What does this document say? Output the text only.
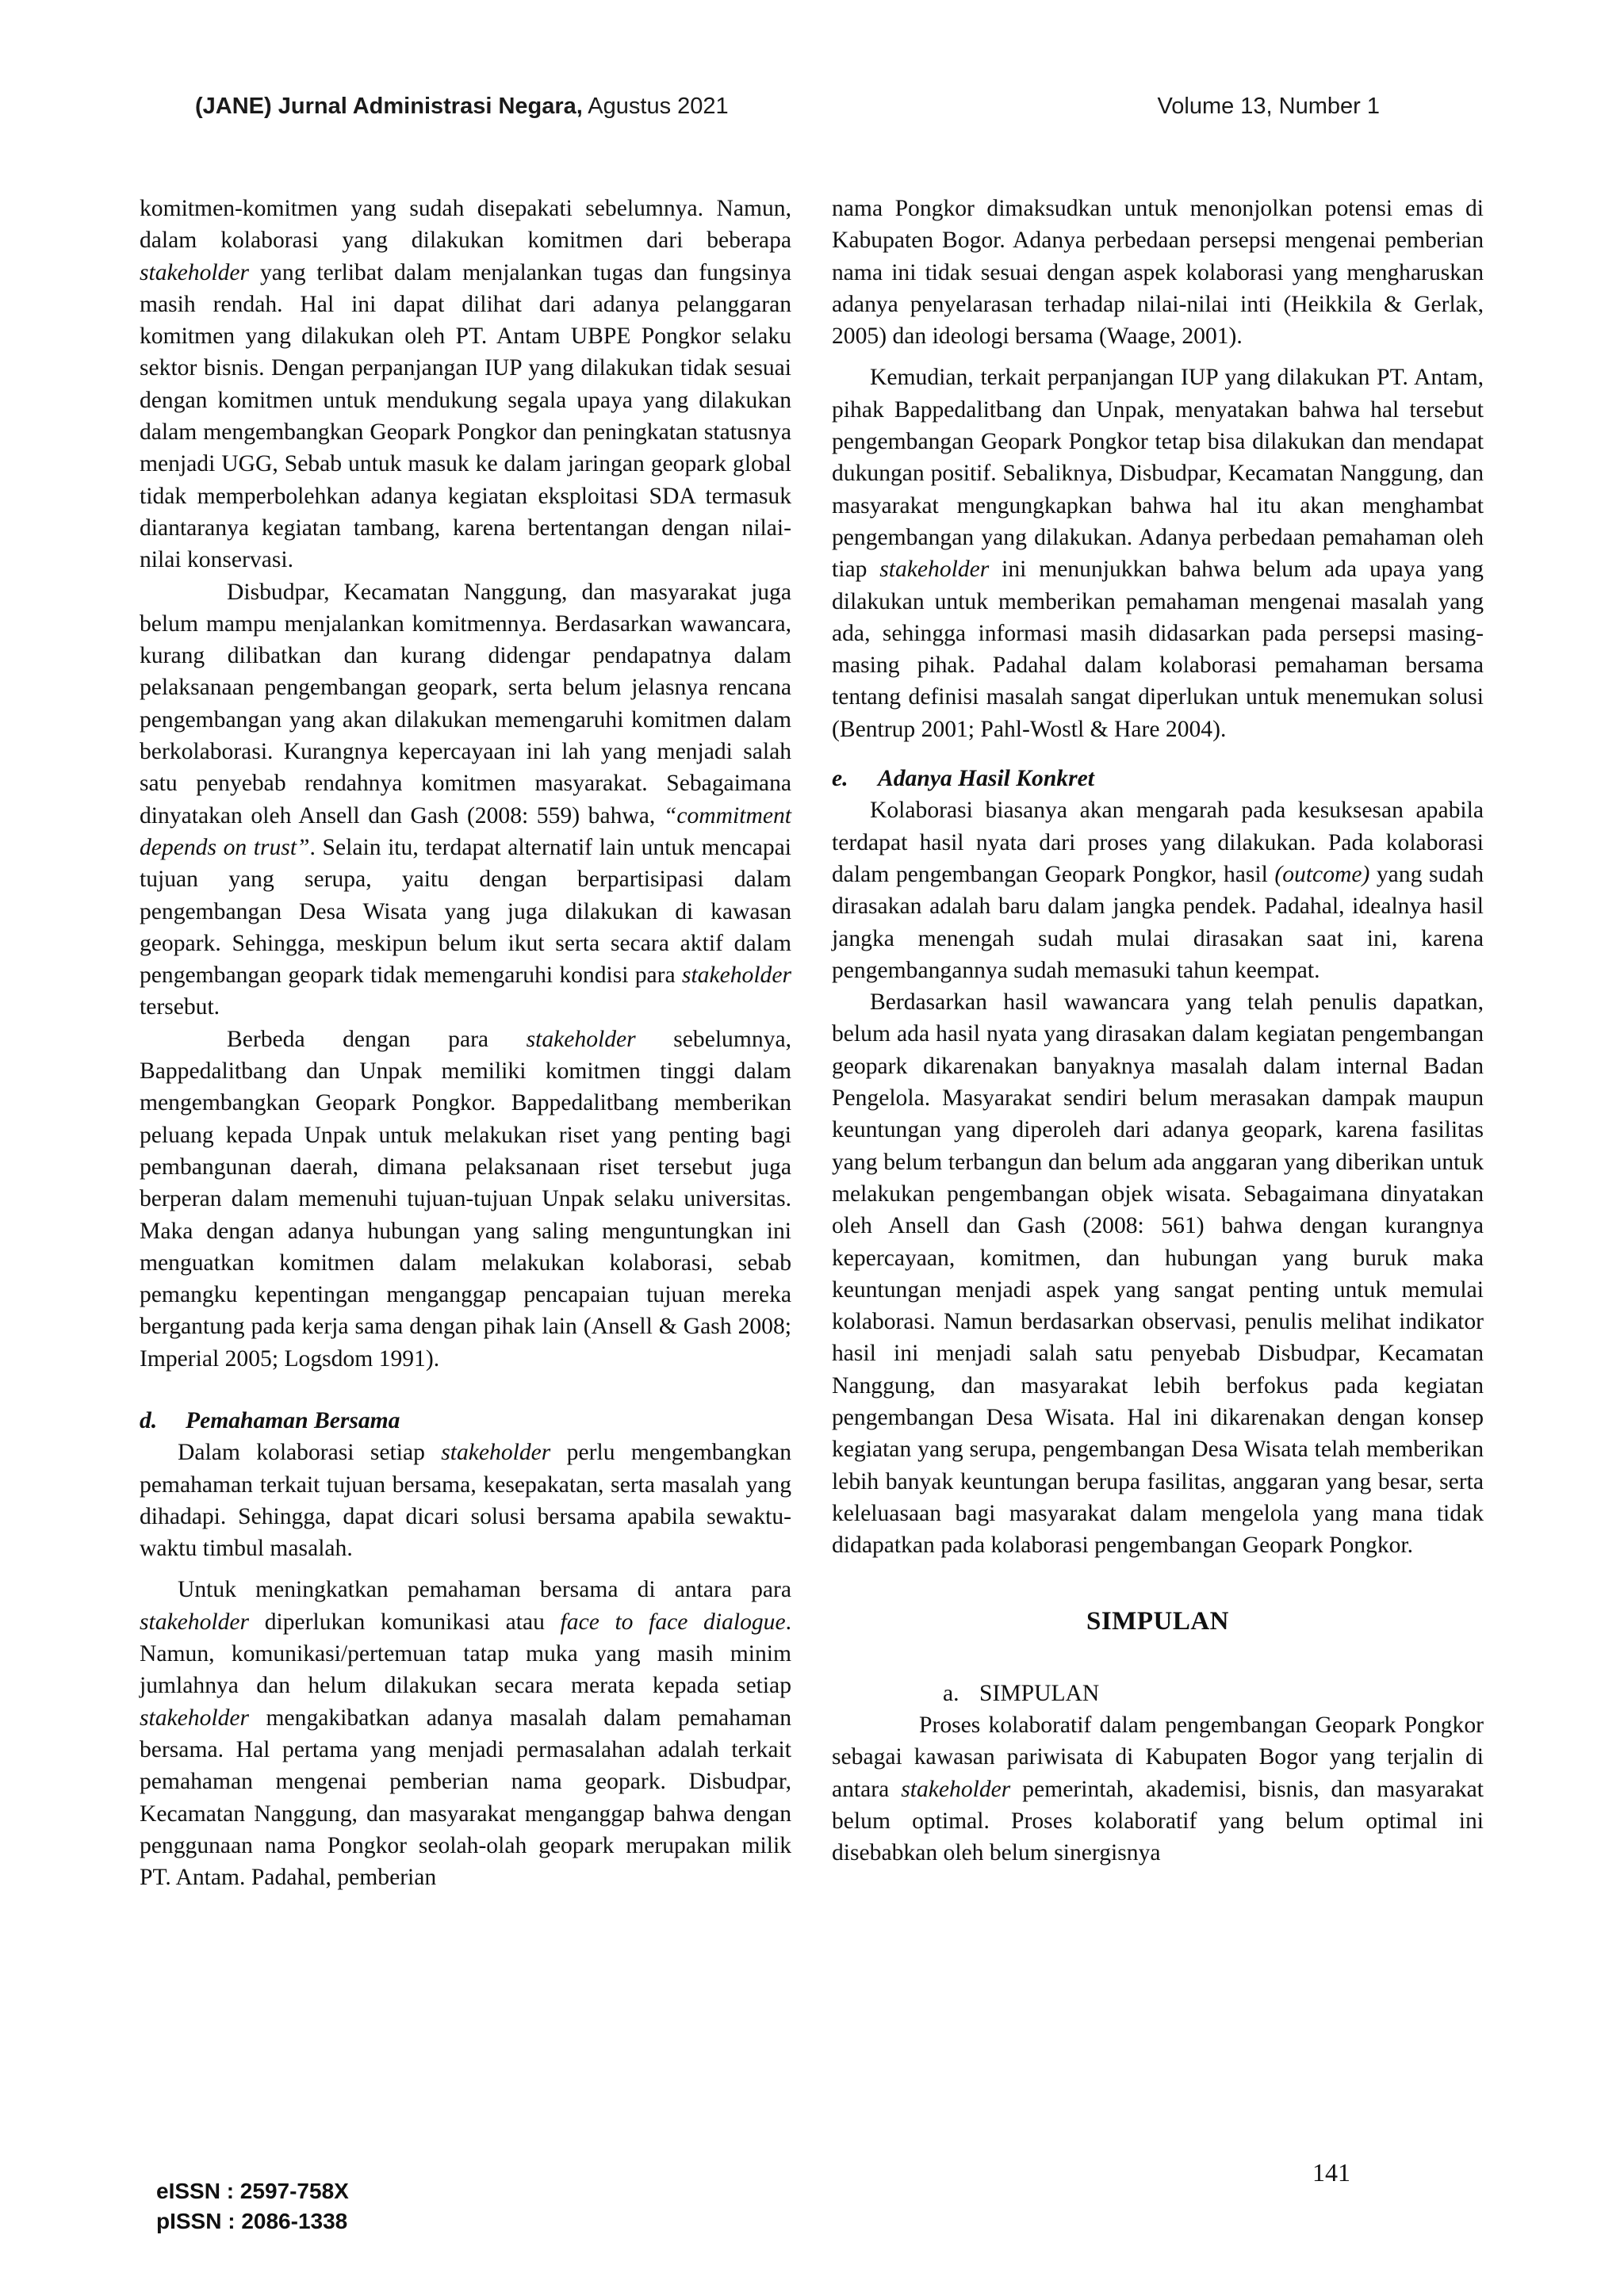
(JANE) Jurnal Administrasi Negara, Agustus 2021	Volume 13, Number 1

komitmen-komitmen yang sudah disepakati sebelumnya. Namun, dalam kolaborasi yang dilakukan komitmen dari beberapa stakeholder yang terlibat dalam menjalankan tugas dan fungsinya masih rendah. Hal ini dapat dilihat dari adanya pelanggaran komitmen yang dilakukan oleh PT. Antam UBPE Pongkor selaku sektor bisnis. Dengan perpanjangan IUP yang dilakukan tidak sesuai dengan komitmen untuk mendukung segala upaya yang dilakukan dalam mengembangkan Geopark Pongkor dan peningkatan statusnya menjadi UGG, Sebab untuk masuk ke dalam jaringan geopark global tidak memperbolehkan adanya kegiatan eksploitasi SDA termasuk diantaranya kegiatan tambang, karena bertentangan dengan nilai-nilai konservasi.

Disbudpar, Kecamatan Nanggung, dan masyarakat juga belum mampu menjalankan komitmennya. Berdasarkan wawancara, kurang dilibatkan dan kurang didengar pendapatnya dalam pelaksanaan pengembangan geopark, serta belum jelasnya rencana pengembangan yang akan dilakukan memengaruhi komitmen dalam berkolaborasi. Kurangnya kepercayaan ini lah yang menjadi salah satu penyebab rendahnya komitmen masyarakat. Sebagaimana dinyatakan oleh Ansell dan Gash (2008: 559) bahwa, “commitment depends on trust”. Selain itu, terdapat alternatif lain untuk mencapai tujuan yang serupa, yaitu dengan berpartisipasi dalam pengembangan Desa Wisata yang juga dilakukan di kawasan geopark. Sehingga, meskipun belum ikut serta secara aktif dalam pengembangan geopark tidak memengaruhi kondisi para stakeholder tersebut.

Berbeda dengan para stakeholder sebelumnya, Bappedalitbang dan Unpak memiliki komitmen tinggi dalam mengembangkan Geopark Pongkor. Bappedalitbang memberikan peluang kepada Unpak untuk melakukan riset yang penting bagi pembangunan daerah, dimana pelaksanaan riset tersebut juga berperan dalam memenuhi tujuan-tujuan Unpak selaku universitas. Maka dengan adanya hubungan yang saling menguntungkan ini menguatkan komitmen dalam melakukan kolaborasi, sebab pemangku kepentingan menganggap pencapaian tujuan mereka bergantung pada kerja sama dengan pihak lain (Ansell & Gash 2008; Imperial 2005; Logsdom 1991).

d. Pemahaman Bersama

Dalam kolaborasi setiap stakeholder perlu mengembangkan pemahaman terkait tujuan bersama, kesepakatan, serta masalah yang dihadapi. Sehingga, dapat dicari solusi bersama apabila sewaktu-waktu timbul masalah.

Untuk meningkatkan pemahaman bersama di antara para stakeholder diperlukan komunikasi atau face to face dialogue. Namun, komunikasi/pertemuan tatap muka yang masih minim jumlahnya dan helum dilakukan secara merata kepada setiap stakeholder mengakibatkan adanya masalah dalam pemahaman bersama. Hal pertama yang menjadi permasalahan adalah terkait pemahaman mengenai pemberian nama geopark. Disbudpar, Kecamatan Nanggung, dan masyarakat menganggap bahwa dengan penggunaan nama Pongkor seolah-olah geopark merupakan milik PT. Antam. Padahal, pemberian

nama Pongkor dimaksudkan untuk menonjolkan potensi emas di Kabupaten Bogor. Adanya perbedaan persepsi mengenai pemberian nama ini tidak sesuai dengan aspek kolaborasi yang mengharuskan adanya penyelarasan terhadap nilai-nilai inti (Heikkila & Gerlak, 2005) dan ideologi bersama (Waage, 2001).

Kemudian, terkait perpanjangan IUP yang dilakukan PT. Antam, pihak Bappedalitbang dan Unpak, menyatakan bahwa hal tersebut pengembangan Geopark Pongkor tetap bisa dilakukan dan mendapat dukungan positif. Sebaliknya, Disbudpar, Kecamatan Nanggung, dan masyarakat mengungkapkan bahwa hal itu akan menghambat pengembangan yang dilakukan. Adanya perbedaan pemahaman oleh tiap stakeholder ini menunjukkan bahwa belum ada upaya yang dilakukan untuk memberikan pemahaman mengenai masalah yang ada, sehingga informasi masih didasarkan pada persepsi masing-masing pihak. Padahal dalam kolaborasi pemahaman bersama tentang definisi masalah sangat diperlukan untuk menemukan solusi (Bentrup 2001; Pahl-Wostl & Hare 2004).

e. Adanya Hasil Konkret

Kolaborasi biasanya akan mengarah pada kesuksesan apabila terdapat hasil nyata dari proses yang dilakukan. Pada kolaborasi dalam pengembangan Geopark Pongkor, hasil (outcome) yang sudah dirasakan adalah baru dalam jangka pendek. Padahal, idealnya hasil jangka menengah sudah mulai dirasakan saat ini, karena pengembangannya sudah memasuki tahun keempat.

Berdasarkan hasil wawancara yang telah penulis dapatkan, belum ada hasil nyata yang dirasakan dalam kegiatan pengembangan geopark dikarenakan banyaknya masalah dalam internal Badan Pengelola. Masyarakat sendiri belum merasakan dampak maupun keuntungan yang diperoleh dari adanya geopark, karena fasilitas yang belum terbangun dan belum ada anggaran yang diberikan untuk melakukan pengembangan objek wisata. Sebagaimana dinyatakan oleh Ansell dan Gash (2008: 561) bahwa dengan kurangnya kepercayaan, komitmen, dan hubungan yang buruk maka keuntungan menjadi aspek yang sangat penting untuk memulai kolaborasi. Namun berdasarkan observasi, penulis melihat indikator hasil ini menjadi salah satu penyebab Disbudpar, Kecamatan Nanggung, dan masyarakat lebih berfokus pada kegiatan pengembangan Desa Wisata. Hal ini dikarenakan dengan konsep kegiatan yang serupa, pengembangan Desa Wisata telah memberikan lebih banyak keuntungan berupa fasilitas, anggaran yang besar, serta keleluasaan bagi masyarakat dalam mengelola yang mana tidak didapatkan pada kolaborasi pengembangan Geopark Pongkor.

SIMPULAN

a. SIMPULAN

Proses kolaboratif dalam pengembangan Geopark Pongkor sebagai kawasan pariwisata di Kabupaten Bogor yang terjalin di antara stakeholder pemerintah, akademisi, bisnis, dan masyarakat belum optimal. Proses kolaboratif yang belum optimal ini disebabkan oleh belum sinergisnya

eISSN : 2597-758X
pISSN : 2086-1338
141
